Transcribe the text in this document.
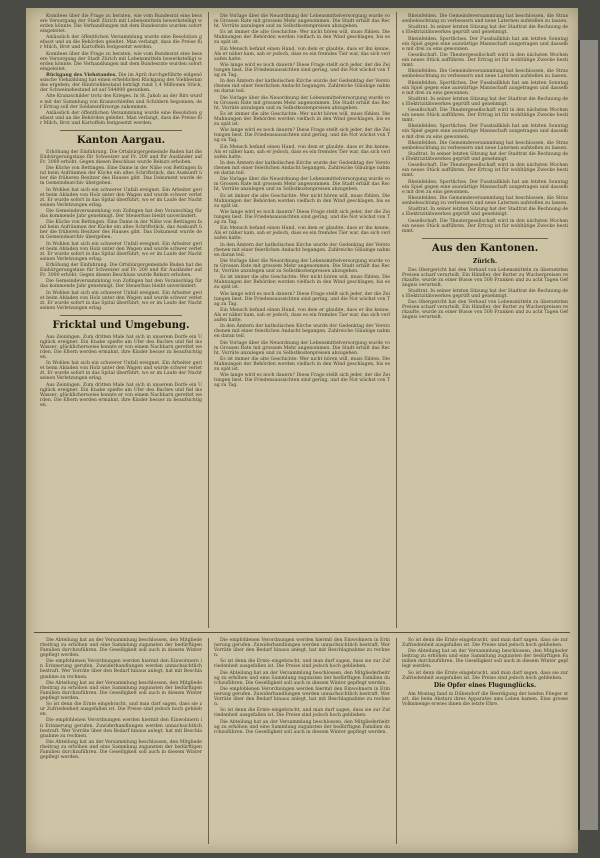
Komitees über die Frage zu beraten, wie vom Bundesrat eine bessere Versorgung der Stadt Zürich mit Lebensmitteln bewerkstelligt werden könnte. Die Verhandlungen mit dem Bundesrate wurden sofort eingeleitet.

Anlässlich der öffentlichen Versammlung wurde eine Resolution gefasst und an die Behörden geleitet. Man verlangt, dass die Preise für Milch, Brot und Kartoffeln festgesetzt werden.

Komitees über die Frage zu beraten, wie vom Bundesrat eine bessere Versorgung der Stadt Zürich mit Lebensmitteln bewerkstelligt werden könnte. Die Verhandlungen mit dem Bundesrate wurden sofort eingeleitet.

Rückgang des Viehstandes. Die im April durchgeführte eidgenössische Viehzählung hat einen erheblichen Rückgang des Viehbestandes ergeben; der Rindviehbestand beträgt rund 1,4 Millionen Stück, der Schweinebestand ist auf 544000 gesunken.

Alte Kranzschilder trotz des Krieges. In St. Jakob an der Birs wurde mit der Sammlung von Kranzschleifen und Schildern begonnen; der Ertrag soll der Soldatenfürsorge zukommen.

Anlässlich der öffentlichen Versammlung wurde eine Resolution gefasst und an die Behörden geleitet. Man verlangt, dass die Preise für Milch, Brot und Kartoffeln festgesetzt werden.

Kanton Aargau.

Erhöhung der Einfuhrung. Die Ortsbürgergemeinde Baden hat die Einbürgerungstaxe für Schweizer auf Fr. 200 und für Ausländer auf Fr. 3000 erhöht. Gegen diesen Beschluss wurde Rekurs erhoben.

Die Küche von Bettingen. Eine Dame in der Nähe von Bettingen fand beim Aufräumen der Küche ein altes Schriftstück, das Auskunft über die früheren Besitzer des Hauses gibt. Das Dokument wurde dem Gemeindearchiv übergeben.

In Wohlen hat sich ein schwerer Unfall ereignet. Ein Arbeiter geriet beim Abladen von Holz unter den Wagen und wurde schwer verletzt. Er wurde sofort in das Spital überführt, wo er im Laufe der Nacht seinen Verletzungen erlag.

Die Gemeindeversammlung von Zofingen hat den Voranschlag für das kommende Jahr genehmigt. Der Steuerfuss bleibt unverändert.

Die Küche von Bettingen. Eine Dame in der Nähe von Bettingen fand beim Aufräumen der Küche ein altes Schriftstück, das Auskunft über die früheren Besitzer des Hauses gibt. Das Dokument wurde dem Gemeindearchiv übergeben.

In Wohlen hat sich ein schwerer Unfall ereignet. Ein Arbeiter geriet beim Abladen von Holz unter den Wagen und wurde schwer verletzt. Er wurde sofort in das Spital überführt, wo er im Laufe der Nacht seinen Verletzungen erlag.

Erhöhung der Einfuhrung. Die Ortsbürgergemeinde Baden hat die Einbürgerungstaxe für Schweizer auf Fr. 200 und für Ausländer auf Fr. 3000 erhöht. Gegen diesen Beschluss wurde Rekurs erhoben.

Die Gemeindeversammlung von Zofingen hat den Voranschlag für das kommende Jahr genehmigt. Der Steuerfuss bleibt unverändert.

In Wohlen hat sich ein schwerer Unfall ereignet. Ein Arbeiter geriet beim Abladen von Holz unter den Wagen und wurde schwer verletzt. Er wurde sofort in das Spital überführt, wo er im Laufe der Nacht seinen Verletzungen erlag.

Fricktal und Umgebung.

Aus Zeiningen. Zum dritten Male hat sich in unserem Dorfe ein Unglück ereignet. Ein Knabe spielte am Ufer des Baches und fiel ins Wasser; glücklicherweise konnte er von einem Nachbarn gerettet werden. Die Eltern werden ermahnt, ihre Kinder besser zu beaufsichtigen.

In Wohlen hat sich ein schwerer Unfall ereignet. Ein Arbeiter geriet beim Abladen von Holz unter den Wagen und wurde schwer verletzt. Er wurde sofort in das Spital überführt, wo er im Laufe der Nacht seinen Verletzungen erlag.

Aus Zeiningen. Zum dritten Male hat sich in unserem Dorfe ein Unglück ereignet. Ein Knabe spielte am Ufer des Baches und fiel ins Wasser; glücklicherweise konnte er von einem Nachbarn gerettet werden. Die Eltern werden ermahnt, ihre Kinder besser zu beaufsichtigen.

Die Vorlage über die Neuordnung der Lebensmittelversorgung wurde vom Grossen Rate mit grossem Mehr angenommen. Die Stadt erhält das Recht, Vorräte anzulegen und zu Selbstkostenpreisen abzugeben.

Es ist immer die alte Geschichte: Wer nicht hören will, muss fühlen. Die Mahnungen der Behörden werden vielfach in den Wind geschlagen, bis es zu spät ist.

Ein Mensch befand einen Hund, von dem er glaubte, dass er ihn kenne. Als er näher kam, sah er jedoch, dass es ein fremdes Tier war, das sich verlaufen hatte.

Wie lange wird es noch dauern? Diese Frage stellt sich jeder, der die Zeitungen liest. Die Friedensaussichten sind gering, und die Not wächst von Tag zu Tag.

In den Ämtern der katholischen Kirche wurde der Gedenktag der Verstorbenen mit einer feierlichen Andacht begangen. Zahlreiche Gläubige nahmen daran teil.

Die Vorlage über die Neuordnung der Lebensmittelversorgung wurde vom Grossen Rate mit grossem Mehr angenommen. Die Stadt erhält das Recht, Vorräte anzulegen und zu Selbstkostenpreisen abzugeben.

Es ist immer die alte Geschichte: Wer nicht hören will, muss fühlen. Die Mahnungen der Behörden werden vielfach in den Wind geschlagen, bis es zu spät ist.

Wie lange wird es noch dauern? Diese Frage stellt sich jeder, der die Zeitungen liest. Die Friedensaussichten sind gering, und die Not wächst von Tag zu Tag.

Ein Mensch befand einen Hund, von dem er glaubte, dass er ihn kenne. Als er näher kam, sah er jedoch, dass es ein fremdes Tier war, das sich verlaufen hatte.

In den Ämtern der katholischen Kirche wurde der Gedenktag der Verstorbenen mit einer feierlichen Andacht begangen. Zahlreiche Gläubige nahmen daran teil.

Die Vorlage über die Neuordnung der Lebensmittelversorgung wurde vom Grossen Rate mit grossem Mehr angenommen. Die Stadt erhält das Recht, Vorräte anzulegen und zu Selbstkostenpreisen abzugeben.

Es ist immer die alte Geschichte: Wer nicht hören will, muss fühlen. Die Mahnungen der Behörden werden vielfach in den Wind geschlagen, bis es zu spät ist.

Wie lange wird es noch dauern? Diese Frage stellt sich jeder, der die Zeitungen liest. Die Friedensaussichten sind gering, und die Not wächst von Tag zu Tag.

Ein Mensch befand einen Hund, von dem er glaubte, dass er ihn kenne. Als er näher kam, sah er jedoch, dass es ein fremdes Tier war, das sich verlaufen hatte.

In den Ämtern der katholischen Kirche wurde der Gedenktag der Verstorbenen mit einer feierlichen Andacht begangen. Zahlreiche Gläubige nahmen daran teil.

Die Vorlage über die Neuordnung der Lebensmittelversorgung wurde vom Grossen Rate mit grossem Mehr angenommen. Die Stadt erhält das Recht, Vorräte anzulegen und zu Selbstkostenpreisen abzugeben.

Es ist immer die alte Geschichte: Wer nicht hören will, muss fühlen. Die Mahnungen der Behörden werden vielfach in den Wind geschlagen, bis es zu spät ist.

Wie lange wird es noch dauern? Diese Frage stellt sich jeder, der die Zeitungen liest. Die Friedensaussichten sind gering, und die Not wächst von Tag zu Tag.

Ein Mensch befand einen Hund, von dem er glaubte, dass er ihn kenne. Als er näher kam, sah er jedoch, dass es ein fremdes Tier war, das sich verlaufen hatte.

In den Ämtern der katholischen Kirche wurde der Gedenktag der Verstorbenen mit einer feierlichen Andacht begangen. Zahlreiche Gläubige nahmen daran teil.

Die Vorlage über die Neuordnung der Lebensmittelversorgung wurde vom Grossen Rate mit grossem Mehr angenommen. Die Stadt erhält das Recht, Vorräte anzulegen und zu Selbstkostenpreisen abzugeben.

Es ist immer die alte Geschichte: Wer nicht hören will, muss fühlen. Die Mahnungen der Behörden werden vielfach in den Wind geschlagen, bis es zu spät ist.

Wie lange wird es noch dauern? Diese Frage stellt sich jeder, der die Zeitungen liest. Die Friedensaussichten sind gering, und die Not wächst von Tag zu Tag.

Rheinfelden. Die Gemeindeversammlung hat beschlossen, die Strassenbeleuchtung zu verbessern und neue Laternen aufstellen zu lassen.

Stadtrat. In seiner letzten Sitzung hat der Stadtrat die Rechnung des Elektrizitätswerkes geprüft und genehmigt.

Rheinfelden. Sportliches. Der Fussballklub hat am letzten Sonntag ein Spiel gegen eine auswärtige Mannschaft ausgetragen und dasselbe mit drei zu eins gewonnen.

Gesellschaft. Die Theatergesellschaft wird in den nächsten Wochen ein neues Stück aufführen. Der Ertrag ist für wohltätige Zwecke bestimmt.

Rheinfelden. Die Gemeindeversammlung hat beschlossen, die Strassenbeleuchtung zu verbessern und neue Laternen aufstellen zu lassen.

Rheinfelden. Sportliches. Der Fussballklub hat am letzten Sonntag ein Spiel gegen eine auswärtige Mannschaft ausgetragen und dasselbe mit drei zu eins gewonnen.

Stadtrat. In seiner letzten Sitzung hat der Stadtrat die Rechnung des Elektrizitätswerkes geprüft und genehmigt.

Gesellschaft. Die Theatergesellschaft wird in den nächsten Wochen ein neues Stück aufführen. Der Ertrag ist für wohltätige Zwecke bestimmt.

Rheinfelden. Sportliches. Der Fussballklub hat am letzten Sonntag ein Spiel gegen eine auswärtige Mannschaft ausgetragen und dasselbe mit drei zu eins gewonnen.

Rheinfelden. Die Gemeindeversammlung hat beschlossen, die Strassenbeleuchtung zu verbessern und neue Laternen aufstellen zu lassen.

Stadtrat. In seiner letzten Sitzung hat der Stadtrat die Rechnung des Elektrizitätswerkes geprüft und genehmigt.

Gesellschaft. Die Theatergesellschaft wird in den nächsten Wochen ein neues Stück aufführen. Der Ertrag ist für wohltätige Zwecke bestimmt.

Rheinfelden. Sportliches. Der Fussballklub hat am letzten Sonntag ein Spiel gegen eine auswärtige Mannschaft ausgetragen und dasselbe mit drei zu eins gewonnen.

Rheinfelden. Die Gemeindeversammlung hat beschlossen, die Strassenbeleuchtung zu verbessern und neue Laternen aufstellen zu lassen.

Stadtrat. In seiner letzten Sitzung hat der Stadtrat die Rechnung des Elektrizitätswerkes geprüft und genehmigt.

Gesellschaft. Die Theatergesellschaft wird in den nächsten Wochen ein neues Stück aufführen. Der Ertrag ist für wohltätige Zwecke bestimmt.

Aus den Kantonen.
Zürich.

Das Obergericht hat den Verkauf von Lebensmitteln zu übersetzten Preisen scharf verurteilt. Ein Händler, der Butter zu Wucherpreisen verkaufte, wurde zu einer Busse von 500 Franken und zu acht Tagen Gefängnis verurteilt.

Stadtrat. In seiner letzten Sitzung hat der Stadtrat die Rechnung des Elektrizitätswerkes geprüft und genehmigt.

Das Obergericht hat den Verkauf von Lebensmitteln zu übersetzten Preisen scharf verurteilt. Ein Händler, der Butter zu Wucherpreisen verkaufte, wurde zu einer Busse von 500 Franken und zu acht Tagen Gefängnis verurteilt.

Die Abteilung hat an der Versammlung beschlossen, den Mitgliederbeitrag zu erhöhen und eine Sammlung zugunsten der bedürftigen Familien durchzuführen. Die Geselligkeit soll auch in diesem Winter gepflegt werden.

Die empfohlenen Verordnungen werden hiermit den Einwohnern in Erinnerung gerufen. Zuwiderhandlungen werden unnachsichtlich bestraft. Wer Vorräte über den Bedarf hinaus anlegt, hat mit Beschlagnahme zu rechnen.

Die Abteilung hat an der Versammlung beschlossen, den Mitgliederbeitrag zu erhöhen und eine Sammlung zugunsten der bedürftigen Familien durchzuführen. Die Geselligkeit soll auch in diesem Winter gepflegt werden.

So ist denn die Ernte eingebracht, und man darf sagen, dass sie zur Zufriedenheit ausgefallen ist. Die Preise sind jedoch hoch geblieben.

Die empfohlenen Verordnungen werden hiermit den Einwohnern in Erinnerung gerufen. Zuwiderhandlungen werden unnachsichtlich bestraft. Wer Vorräte über den Bedarf hinaus anlegt, hat mit Beschlagnahme zu rechnen.

Die Abteilung hat an der Versammlung beschlossen, den Mitgliederbeitrag zu erhöhen und eine Sammlung zugunsten der bedürftigen Familien durchzuführen. Die Geselligkeit soll auch in diesem Winter gepflegt werden.

Die empfohlenen Verordnungen werden hiermit den Einwohnern in Erinnerung gerufen. Zuwiderhandlungen werden unnachsichtlich bestraft. Wer Vorräte über den Bedarf hinaus anlegt, hat mit Beschlagnahme zu rechnen.

So ist denn die Ernte eingebracht, und man darf sagen, dass sie zur Zufriedenheit ausgefallen ist. Die Preise sind jedoch hoch geblieben.

Die Abteilung hat an der Versammlung beschlossen, den Mitgliederbeitrag zu erhöhen und eine Sammlung zugunsten der bedürftigen Familien durchzuführen. Die Geselligkeit soll auch in diesem Winter gepflegt werden.

Die empfohlenen Verordnungen werden hiermit den Einwohnern in Erinnerung gerufen. Zuwiderhandlungen werden unnachsichtlich bestraft. Wer Vorräte über den Bedarf hinaus anlegt, hat mit Beschlagnahme zu rechnen.

So ist denn die Ernte eingebracht, und man darf sagen, dass sie zur Zufriedenheit ausgefallen ist. Die Preise sind jedoch hoch geblieben.

Die Abteilung hat an der Versammlung beschlossen, den Mitgliederbeitrag zu erhöhen und eine Sammlung zugunsten der bedürftigen Familien durchzuführen. Die Geselligkeit soll auch in diesem Winter gepflegt werden.

So ist denn die Ernte eingebracht, und man darf sagen, dass sie zur Zufriedenheit ausgefallen ist. Die Preise sind jedoch hoch geblieben.

Die Abteilung hat an der Versammlung beschlossen, den Mitgliederbeitrag zu erhöhen und eine Sammlung zugunsten der bedürftigen Familien durchzuführen. Die Geselligkeit soll auch in diesem Winter gepflegt werden.

So ist denn die Ernte eingebracht, und man darf sagen, dass sie zur Zufriedenheit ausgefallen ist. Die Preise sind jedoch hoch geblieben.

Die Opfer eines Flugunglücks.

Am Montag fand in Dübendorf die Beerdigung der beiden Flieger statt, die beim Absturz ihres Apparates ums Leben kamen. Eine grosse Volksmenge erwies ihnen die letzte Ehre.
